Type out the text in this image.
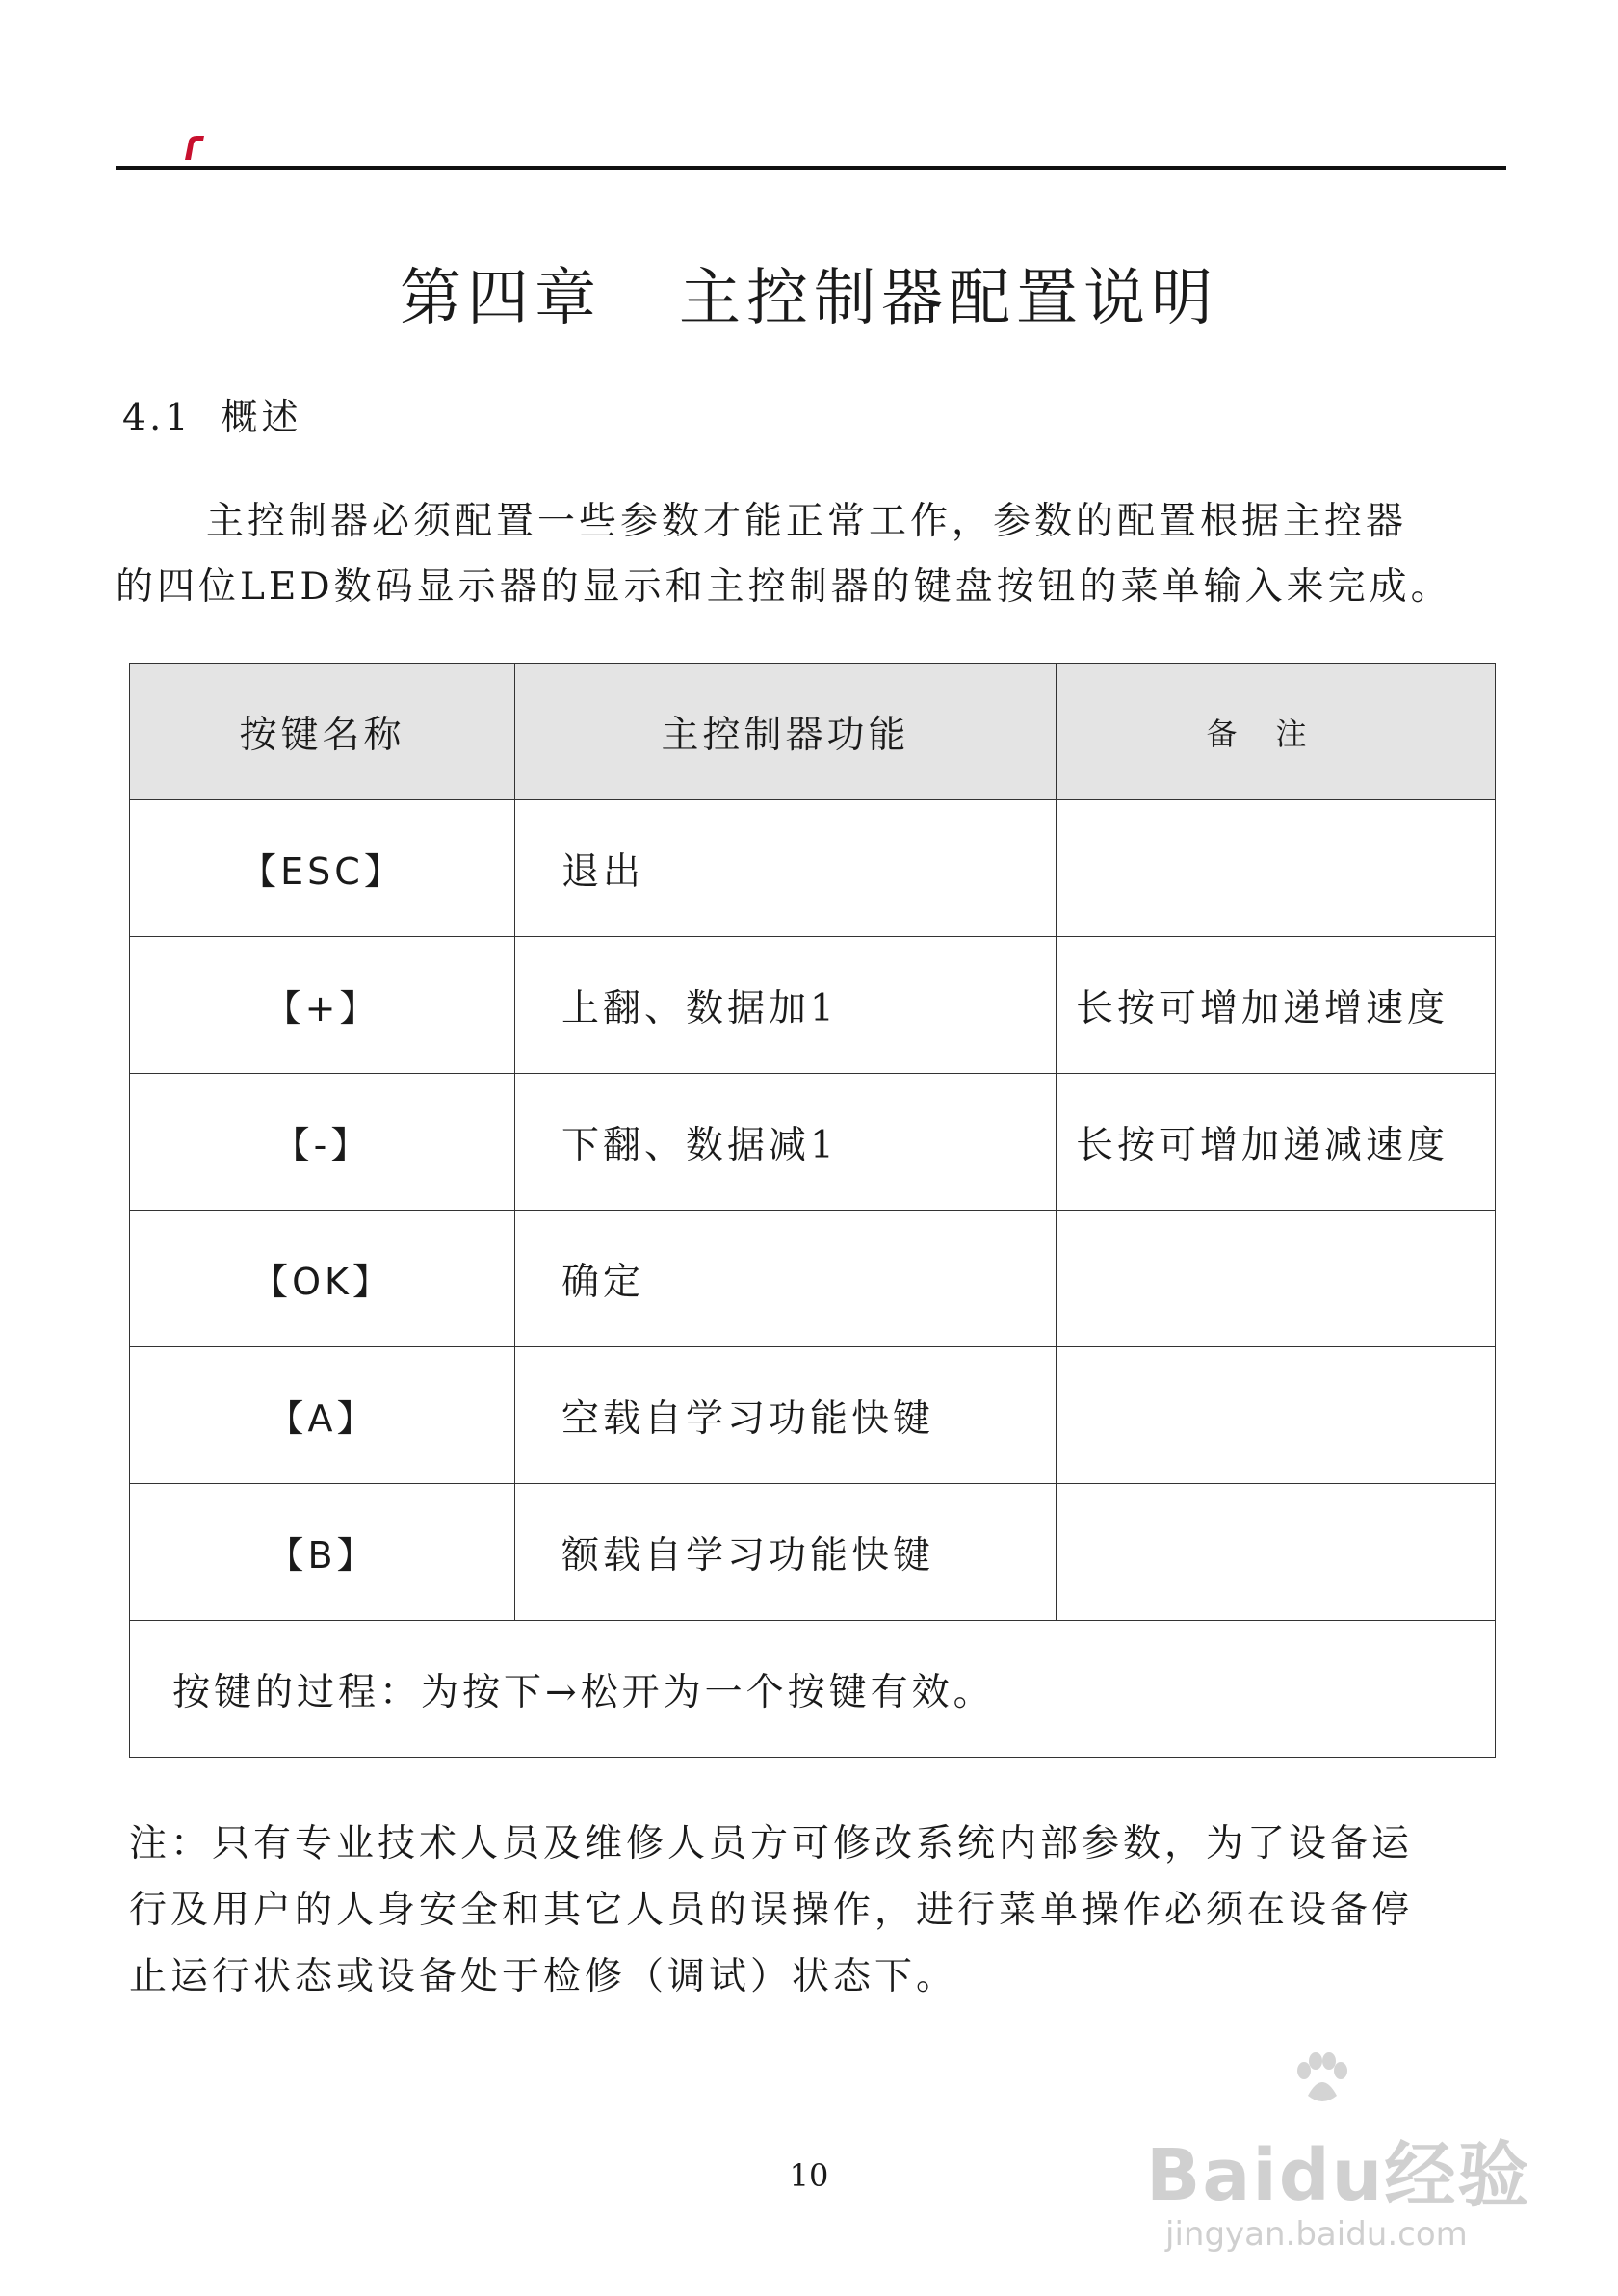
第四章 主控制器配置说明
4.1 概述
主控制器必须配置一些参数才能正常工作，参数的配置根据主控器
的四位LED数码显示器的显示和主控制器的键盘按钮的菜单输入来完成。
按键名称	主控制器功能	备注
【ESC】	退出	
【+】	上翻、数据加1	长按可增加递增速度
【-】	下翻、数据减1	长按可增加递减速度
【OK】	确定	
【A】	空载自学习功能快键	
【B】	额载自学习功能快键	
按键的过程：为按下→松开为一个按键有效。		
注：只有专业技术人员及维修人员方可修改系统内部参数，为了设备运
行及用户的人身安全和其它人员的误操作，进行菜单操作必须在设备停
止运行状态或设备处于检修（调试）状态下。
10	Baidu经验
jingyan.baidu.com
